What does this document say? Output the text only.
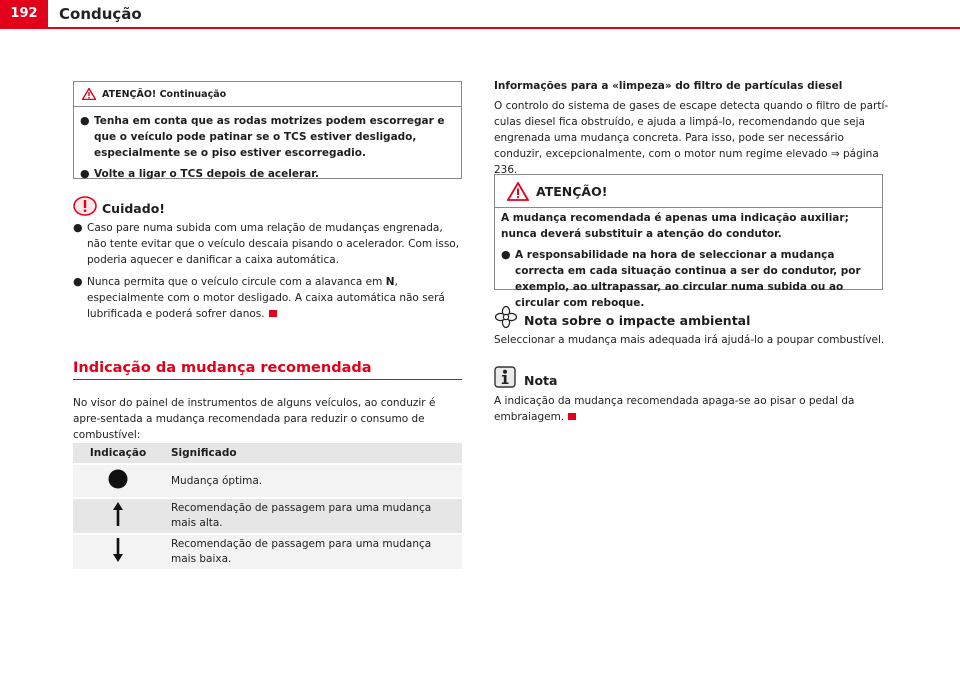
192	Condução
ATENÇÃO! Continuação
● Tenha em conta que as rodas motrizes podem escorregar e que o veículo pode patinar se o TCS estiver desligado, especialmente se o piso estiver escorregadio.
● Volte a ligar o TCS depois de acelerar.
Cuidado!
● Caso pare numa subida com uma relação de mudanças engrenada, não tente evitar que o veículo descaia pisando o acelerador. Com isso, poderia aquecer e danificar a caixa automática.
● Nunca permita que o veículo circule com a alavanca em N, especialmente com o motor desligado. A caixa automática não será lubrificada e poderá sofrer danos.
Indicação da mudança recomendada
No visor do painel de instrumentos de alguns veículos, ao conduzir é apre-sentada a mudança recomendada para reduzir o consumo de combustível:
Indicação	Significado
	Mudança óptima.
	Recomendação de passagem para uma mudança mais alta.
	Recomendação de passagem para uma mudança mais baixa.
Informações para a «limpeza» do filtro de partículas diesel
O controlo do sistema de gases de escape detecta quando o filtro de partí-culas diesel fica obstruído, e ajuda a limpá-lo, recomendando que seja engrenada uma mudança concreta. Para isso, pode ser necessário conduzir, excepcionalmente, com o motor num regime elevado ⇒ página 236.
ATENÇÃO!
A mudança recomendada é apenas uma indicação auxiliar; nunca deverá substituir a atenção do condutor.
● A responsabilidade na hora de seleccionar a mudança correcta em cada situação continua a ser do condutor, por exemplo, ao ultrapassar, ao circular numa subida ou ao circular com reboque.
Nota sobre o impacte ambiental
Seleccionar a mudança mais adequada irá ajudá-lo a poupar combustível.
Nota
A indicação da mudança recomendada apaga-se ao pisar o pedal da embraiagem.
